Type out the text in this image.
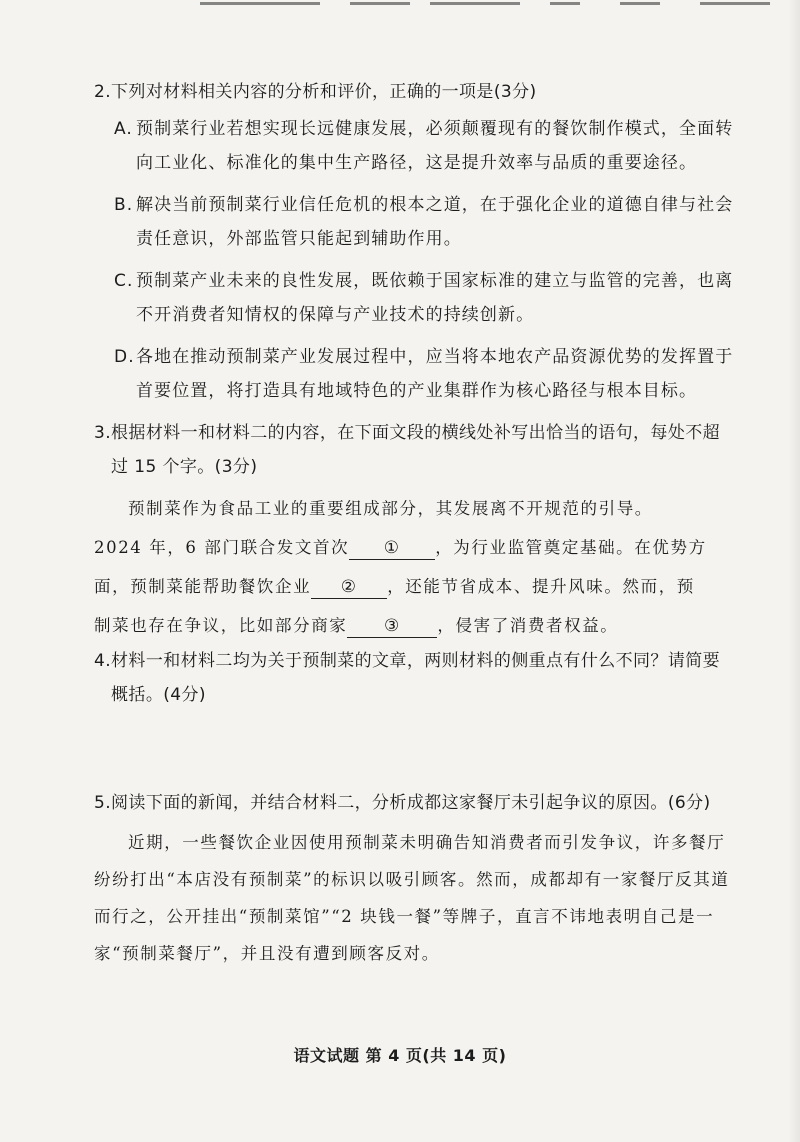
2. 下列对材料相关内容的分析和评价，正确的一项是(3分)
A. 预制菜行业若想实现长远健康发展，必须颠覆现有的餐饮制作模式，全面转向工业化、标准化的集中生产路径，这是提升效率与品质的重要途径。
B. 解决当前预制菜行业信任危机的根本之道，在于强化企业的道德自律与社会责任意识，外部监管只能起到辅助作用。
C. 预制菜产业未来的良性发展，既依赖于国家标准的建立与监管的完善，也离不开消费者知情权的保障与产业技术的持续创新。
D. 各地在推动预制菜产业发展过程中，应当将本地农产品资源优势的发挥置于首要位置，将打造具有地域特色的产业集群作为核心路径与根本目标。
3. 根据材料一和材料二的内容，在下面文段的横线处补写出恰当的语句，每处不超过 15 个字。(3分)
预制菜作为食品工业的重要组成部分，其发展离不开规范的引导。
2024 年，6 部门联合发文首次 ① ，为行业监管奠定基础。在优势方
面，预制菜能帮助餐饮企业 ② ，还能节省成本、提升风味。然而，预
制菜也存在争议，比如部分商家 ③ ，侵害了消费者权益。
4. 材料一和材料二均为关于预制菜的文章，两则材料的侧重点有什么不同？请简要概括。(4分)
5. 阅读下面的新闻，并结合材料二，分析成都这家餐厅未引起争议的原因。(6分)
近期，一些餐饮企业因使用预制菜未明确告知消费者而引发争议，许多餐厅纷纷打出“本店没有预制菜”的标识以吸引顾客。然而，成都却有一家餐厅反其道而行之，公开挂出“预制菜馆”“2 块钱一餐”等牌子，直言不讳地表明自己是一家“预制菜餐厅”，并且没有遭到顾客反对。
语文试题 第 4 页(共 14 页)
